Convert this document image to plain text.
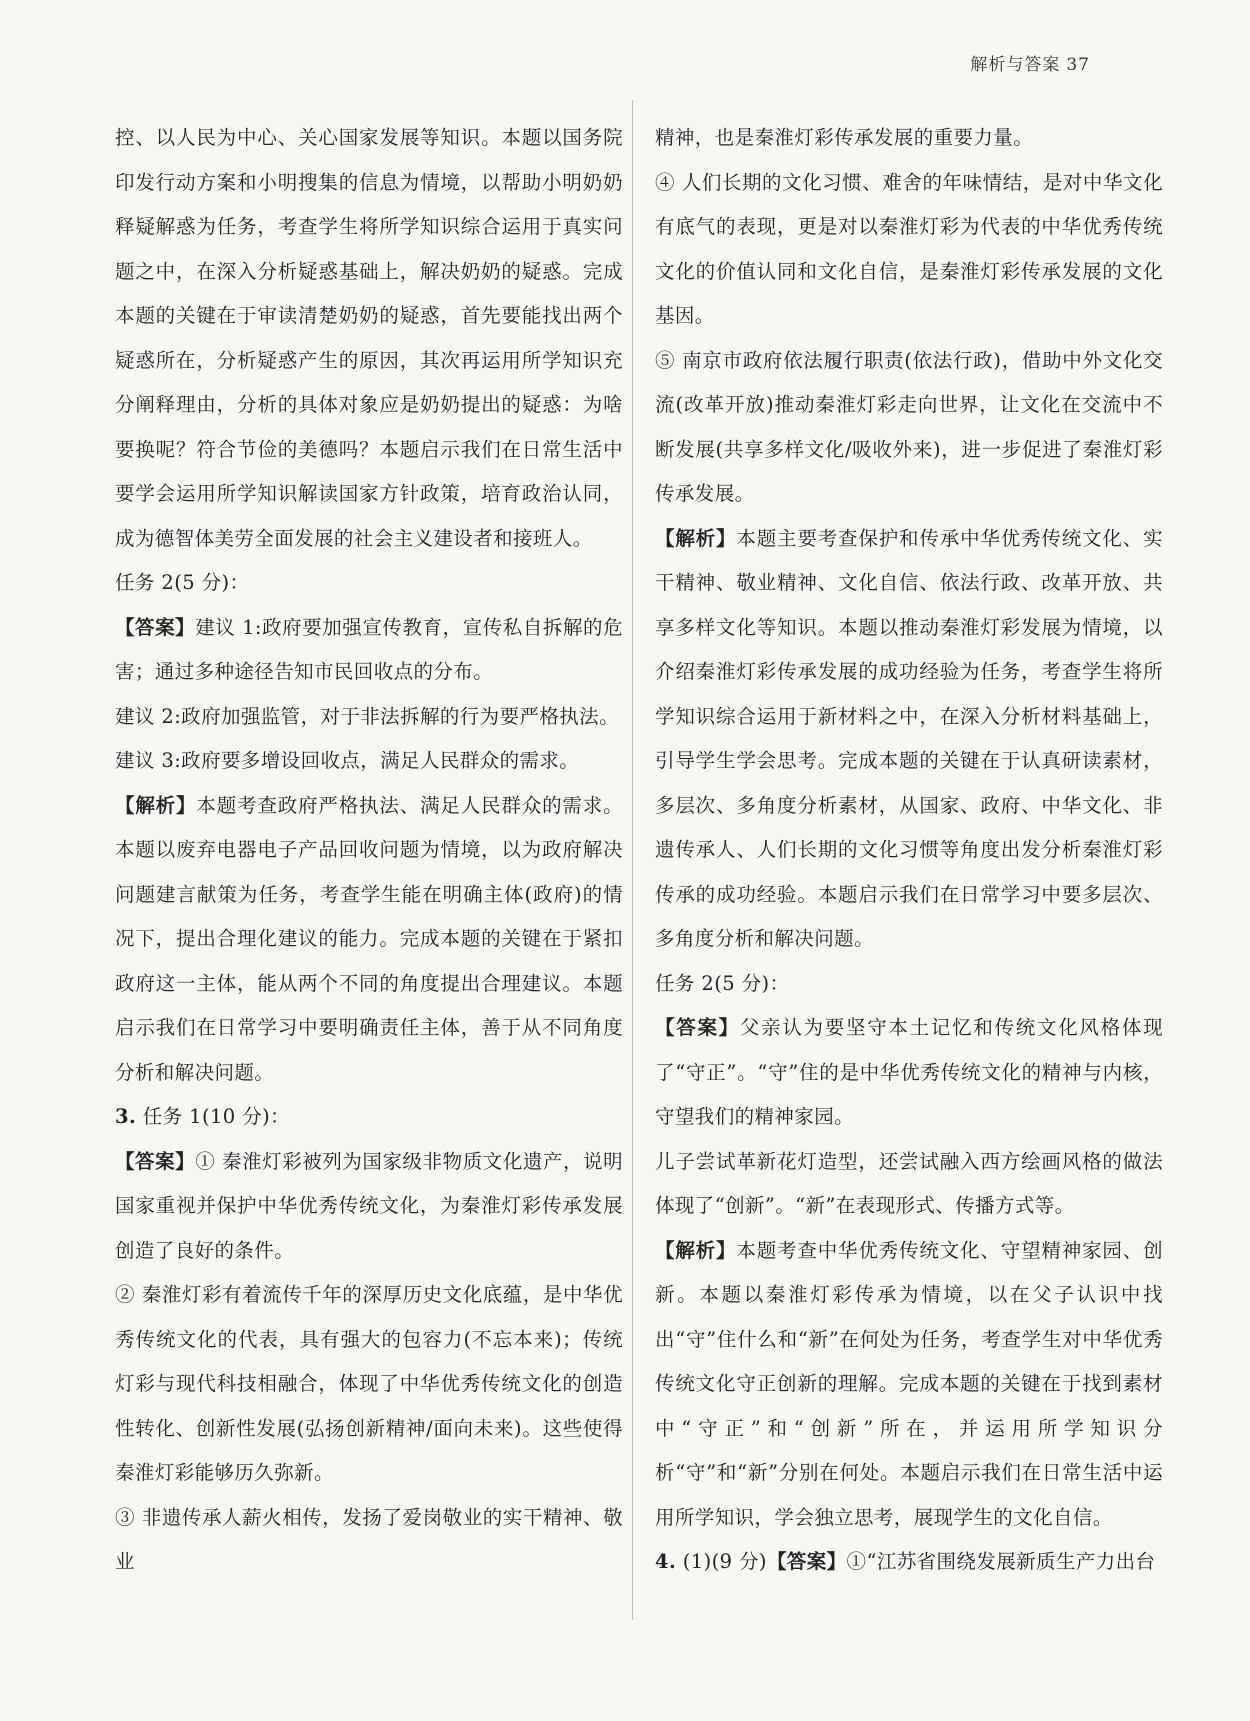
解析与答案 37

控、以人民为中心、关心国家发展等知识。本题以国务院印发行动方案和小明搜集的信息为情境，以帮助小明奶奶释疑解惑为任务，考查学生将所学知识综合运用于真实问题之中，在深入分析疑惑基础上，解决奶奶的疑惑。完成本题的关键在于审读清楚奶奶的疑惑，首先要能找出两个疑惑所在，分析疑惑产生的原因，其次再运用所学知识充分阐释理由，分析的具体对象应是奶奶提出的疑惑：为啥要换呢？符合节俭的美德吗？本题启示我们在日常生活中要学会运用所学知识解读国家方针政策，培育政治认同，成为德智体美劳全面发展的社会主义建设者和接班人。

任务 2(5 分)：

【答案】建议 1:政府要加强宣传教育，宣传私自拆解的危害；通过多种途径告知市民回收点的分布。

建议 2:政府加强监管，对于非法拆解的行为要严格执法。

建议 3:政府要多增设回收点，满足人民群众的需求。

【解析】本题考查政府严格执法、满足人民群众的需求。本题以废弃电器电子产品回收问题为情境，以为政府解决问题建言献策为任务，考查学生能在明确主体(政府)的情况下，提出合理化建议的能力。完成本题的关键在于紧扣政府这一主体，能从两个不同的角度提出合理建议。本题启示我们在日常学习中要明确责任主体，善于从不同角度分析和解决问题。

3. 任务 1(10 分)：

【答案】① 秦淮灯彩被列为国家级非物质文化遗产，说明国家重视并保护中华优秀传统文化，为秦淮灯彩传承发展创造了良好的条件。

② 秦淮灯彩有着流传千年的深厚历史文化底蕴，是中华优秀传统文化的代表，具有强大的包容力(不忘本来)；传统灯彩与现代科技相融合，体现了中华优秀传统文化的创造性转化、创新性发展(弘扬创新精神/面向未来)。这些使得秦淮灯彩能够历久弥新。

③ 非遗传承人薪火相传，发扬了爱岗敬业的实干精神、敬业

精神，也是秦淮灯彩传承发展的重要力量。

④ 人们长期的文化习惯、难舍的年味情结，是对中华文化有底气的表现，更是对以秦淮灯彩为代表的中华优秀传统文化的价值认同和文化自信，是秦淮灯彩传承发展的文化基因。

⑤ 南京市政府依法履行职责(依法行政)，借助中外文化交流(改革开放)推动秦淮灯彩走向世界，让文化在交流中不断发展(共享多样文化/吸收外来)，进一步促进了秦淮灯彩传承发展。

【解析】本题主要考查保护和传承中华优秀传统文化、实干精神、敬业精神、文化自信、依法行政、改革开放、共享多样文化等知识。本题以推动秦淮灯彩发展为情境，以介绍秦淮灯彩传承发展的成功经验为任务，考查学生将所学知识综合运用于新材料之中，在深入分析材料基础上，引导学生学会思考。完成本题的关键在于认真研读素材，多层次、多角度分析素材，从国家、政府、中华文化、非遗传承人、人们长期的文化习惯等角度出发分析秦淮灯彩传承的成功经验。本题启示我们在日常学习中要多层次、多角度分析和解决问题。

任务 2(5 分)：

【答案】父亲认为要坚守本土记忆和传统文化风格体现了“守正”。“守”住的是中华优秀传统文化的精神与内核，守望我们的精神家园。

儿子尝试革新花灯造型，还尝试融入西方绘画风格的做法体现了“创新”。“新”在表现形式、传播方式等。

【解析】本题考查中华优秀传统文化、守望精神家园、创新。本题以秦淮灯彩传承为情境，以在父子认识中找出“守”住什么和“新”在何处为任务，考查学生对中华优秀传统文化守正创新的理解。完成本题的关键在于找到素材中“守正”和“创新”所在，并运用所学知识分析“守”和“新”分别在何处。本题启示我们在日常生活中运用所学知识，学会独立思考，展现学生的文化自信。

4. (1)(9 分)【答案】①“江苏省围绕发展新质生产力出台
